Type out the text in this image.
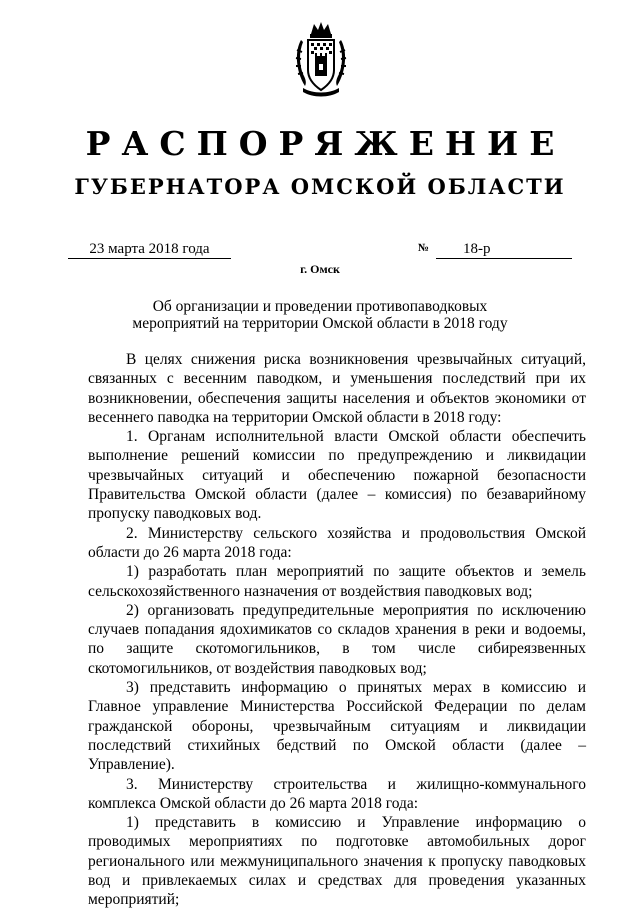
РАСПОРЯЖЕНИЕ
ГУБЕРНАТОРА ОМСКОЙ ОБЛАСТИ
23 марта 2018 года	№	18-р
г. Омск
Об организации и проведении противопаводковых мероприятий на территории Омской области в 2018 году

В целях снижения риска возникновения чрезвычайных ситуаций, связанных с весенним паводком, и уменьшения последствий при их возникновении, обеспечения защиты населения и объектов экономики от весеннего паводка на территории Омской области в 2018 году:

1. Органам исполнительной власти Омской области обеспечить выполнение решений комиссии по предупреждению и ликвидации чрезвычайных ситуаций и обеспечению пожарной безопасности Правительства Омской области (далее – комиссия) по безаварийному пропуску паводковых вод.

2. Министерству сельского хозяйства и продовольствия Омской области до 26 марта 2018 года:

1) разработать план мероприятий по защите объектов и земель сельскохозяйственного назначения от воздействия паводковых вод;

2) организовать предупредительные мероприятия по исключению случаев попадания ядохимикатов со складов хранения в реки и водоемы, по защите скотомогильников, в том числе сибиреязвенных скотомогильников, от воздействия паводковых вод;

3) представить информацию о принятых мерах в комиссию и Главное управление Министерства Российской Федерации по делам гражданской обороны, чрезвычайным ситуациям и ликвидации последствий стихийных бедствий по Омской области (далее – Управление).

3. Министерству строительства и жилищно-коммунального комплекса Омской области до 26 марта 2018 года:

1) представить в комиссию и Управление информацию о проводимых мероприятиях по подготовке автомобильных дорог регионального или межмуниципального значения к пропуску паводковых вод и привлекаемых силах и средствах для проведения указанных мероприятий;
